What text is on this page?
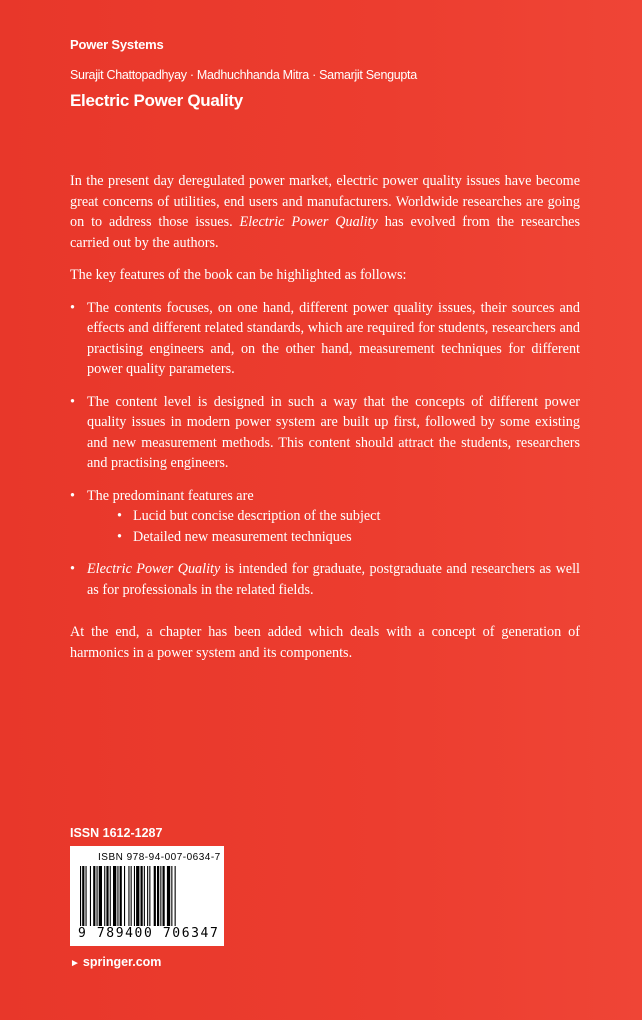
Power Systems
Surajit Chattopadhyay · Madhuchhanda Mitra · Samarjit Sengupta
Electric Power Quality

In the present day deregulated power market, electric power quality issues have become great concerns of utilities, end users and manufacturers. Worldwide researches are going on to address those issues. Electric Power Quality has evolved from the researches carried out by the authors.

The key features of the book can be highlighted as follows:

• The contents focuses, on one hand, different power quality issues, their sources and effects and different related standards, which are required for students, researchers and practising engineers and, on the other hand, measurement techniques for different power quality parameters.
• The content level is designed in such a way that the concepts of different power quality issues in modern power system are built up first, followed by some existing and new measurement methods. This content should attract the students, researchers and practising engineers.
• The predominant features are
• Lucid but concise description of the subject
• Detailed new measurement techniques
• Electric Power Quality is intended for graduate, postgraduate and researchers as well as for professionals in the related fields.

At the end, a chapter has been added which deals with a concept of generation of harmonics in a power system and its components.

ISSN 1612-1287
ISBN 978-94-007-0634-7
9 789400 706347
► springer.com
